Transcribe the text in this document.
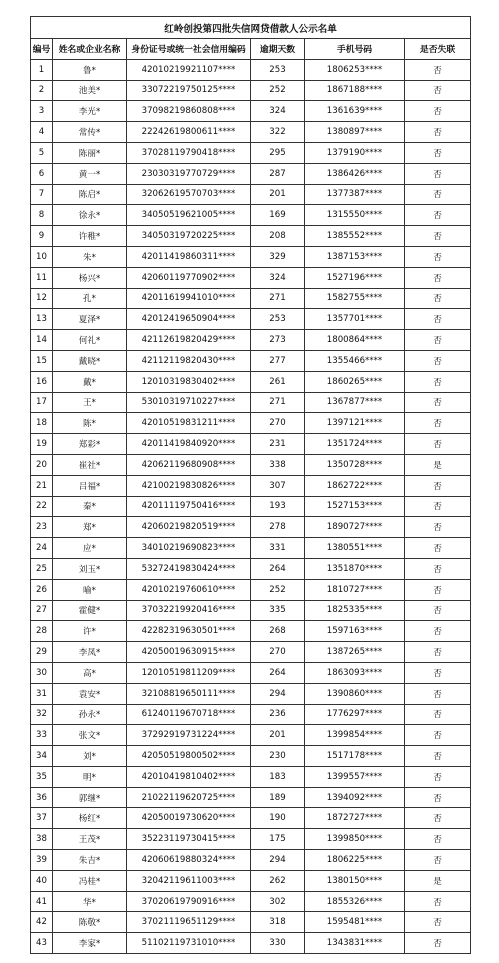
红岭创投第四批失信网贷借款人公示名单					
编号	姓名或企业名称	身份证号或统一社会信用编码	逾期天数	手机号码	是否失联
1	鲁*	42010219921107****	253	1806253****	否
2	池美*	33072219750125****	252	1867188****	否
3	李光*	37098219860808****	324	1361639****	否
4	常传*	22242619800611****	322	1380897****	否
5	陈丽*	37028119790418****	295	1379190****	否
6	黄一*	23030319770729****	287	1386426****	否
7	陈启*	32062619570703****	201	1377387****	否
8	徐永*	34050519621005****	169	1315550****	否
9	许稚*	34050319720225****	208	1385552****	否
10	朱*	42011419860311****	329	1387153****	否
11	杨兴*	42060119770902****	324	1527196****	否
12	孔*	42011619941010****	271	1582755****	否
13	夏泽*	42012419650904****	253	1357701****	否
14	何礼*	42112619820429****	273	1800864****	否
15	戴晓*	42112119820430****	277	1355466****	否
16	戴*	12010319830402****	261	1860265****	否
17	王*	53010319710227****	271	1367877****	否
18	陈*	42010519831211****	270	1397121****	否
19	郑彩*	42011419840920****	231	1351724****	否
20	崔社*	42062119680908****	338	1350728****	是
21	吕福*	42100219830826****	307	1862722****	否
22	秦*	42011119750416****	193	1527153****	否
23	郑*	42060219820519****	278	1890727****	否
24	应*	34010219690823****	331	1380551****	否
25	刘玉*	53272419830424****	264	1351870****	否
26	喻*	42010219760610****	252	1810727****	否
27	霍健*	37032219920416****	335	1825335****	否
28	许*	42282319630501****	268	1597163****	否
29	李凤*	42050019630915****	270	1387265****	否
30	高*	12010519811209****	264	1863093****	否
31	袁安*	32108819650111****	294	1390860****	否
32	孙永*	61240119670718****	236	1776297****	否
33	张文*	37292919731224****	201	1399854****	否
34	刘*	42050519800502****	230	1517178****	否
35	明*	42010419810402****	183	1399557****	否
36	郭继*	21022119620725****	189	1394092****	否
37	杨红*	42050019730620****	190	1872727****	否
38	王茂*	35223119730415****	175	1399850****	否
39	朱吉*	42060619880324****	294	1806225****	否
40	冯桂*	32042119611003****	262	1380150****	是
41	华*	37020619790916****	302	1855326****	否
42	陈敬*	37021119651129****	318	1595481****	否
43	李家*	51102119731010****	330	1343831****	否
